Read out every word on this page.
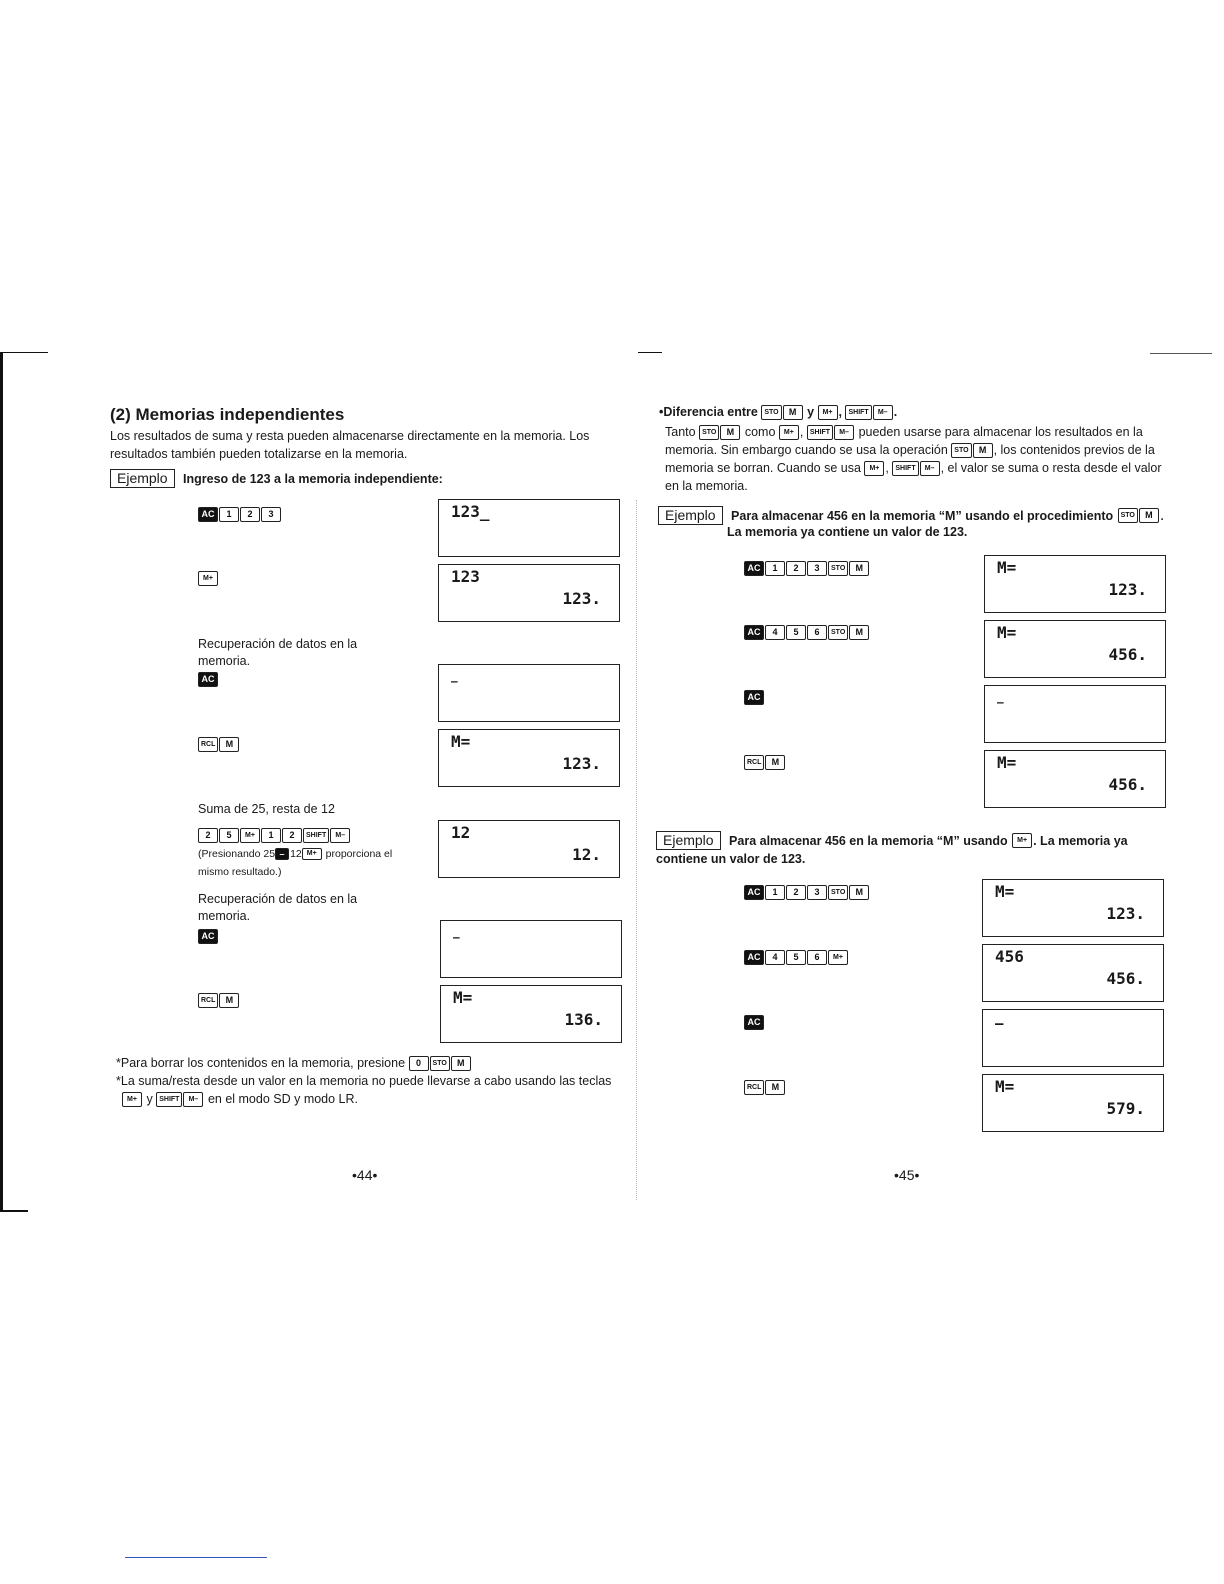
(2) Memorias independientes
Los resultados de suma y resta pueden almacenarse directamente en la memoria. Los resultados también pueden totalizarse en la memoria.
Ejemplo Ingreso de 123 a la memoria independiente:
AC 1 2 3
M+
Recuperación de datos en la memoria.
AC
RCL M
Suma de 25, resta de 12
2 5 M+ 1 2 SHIFT M–
(Presionando 25 – 12 M+ proporciona el mismo resultado.)
Recuperación de datos en la memoria.
AC
RCL M
123_
123
123.
–
M=
123.
12
12.
–
M=
136.
*Para borrar los contenidos en la memoria, presione 0 STO M
*La suma/resta desde un valor en la memoria no puede llevarse a cabo usando las teclas
M+ y SHIFT M– en el modo SD y modo LR.
•44•
•Diferencia entre STO M y M+ , SHIFT M– .
Tanto STO M como M+ , SHIFT M– pueden usarse para almacenar los resultados en la memoria. Sin embargo cuando se usa la operación STO M , los contenidos previos de la memoria se borran. Cuando se usa M+ , SHIFT M– , el valor se suma o resta desde el valor en la memoria.
Ejemplo Para almacenar 456 en la memoria “M” usando el procedimiento STO M .
La memoria ya contiene un valor de 123.
AC 1 2 3 STO M
AC 4 5 6 STO M
AC
RCL M
M=
123.
M=
456.
–
M=
456.
Ejemplo Para almacenar 456 en la memoria “M” usando M+ . La memoria ya contiene un valor de 123.
AC 1 2 3 STO M
AC 4 5 6 M+
AC
RCL M
M=
123.
456
456.
–
M=
579.
•45•
